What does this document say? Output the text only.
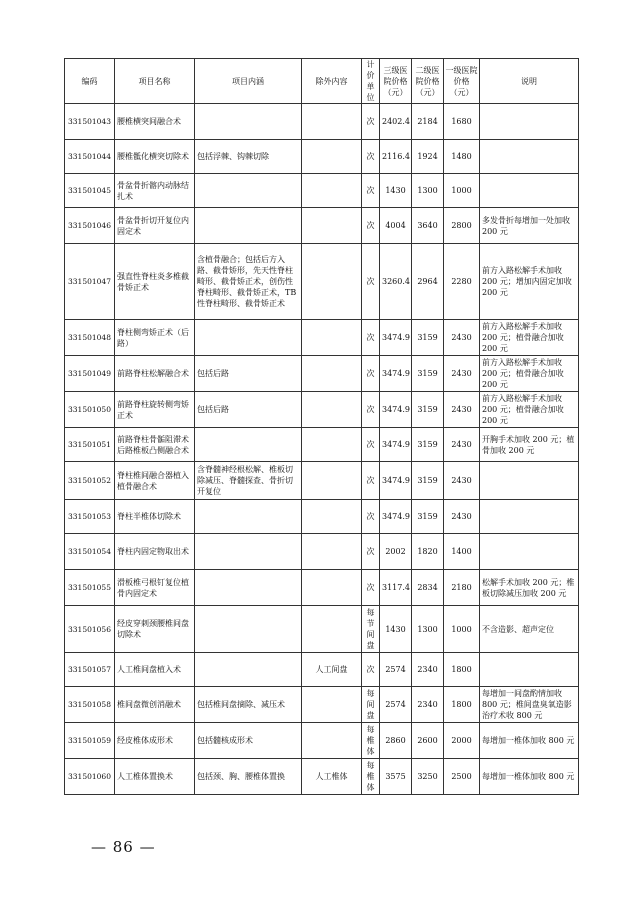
编码	项目名称	项目内涵	除外内容	计价单位	三级医院价格（元）	二级医院价格（元）	一级医院价格（元）	说明
331501043	腰椎横突间融合术			次	2402.4	2184	1680	
331501044	腰椎骶化横突切除术	包括浮棘、钩棘切除		次	2116.4	1924	1480	
331501045	骨盆骨折髂内动脉结扎术			次	1430	1300	1000	
331501046	骨盆骨折切开复位内固定术			次	4004	3640	2800	多发骨折每增加一处加收 200 元
331501047	强直性脊柱炎多椎截骨矫正术	含植骨融合；包括后方入路、截骨矫形，先天性脊柱畸形、截骨矫正术，创伤性脊柱畸形、截骨矫正术，TB 性脊柱畸形、截骨矫正术		次	3260.4	2964	2280	前方入路松解手术加收 200 元；增加内固定加收 200 元
331501048	脊柱侧弯矫正术（后路）			次	3474.9	3159	2430	前方入路松解手术加收 200 元；植骨融合加收 200 元
331501049	前路脊柱松解融合术	包括后路		次	3474.9	3159	2430	前方入路松解手术加收 200 元；植骨融合加收 200 元
331501050	前路脊柱旋转侧弯矫正术	包括后路		次	3474.9	3159	2430	前方入路松解手术加收 200 元；植骨融合加收 200 元
331501051	前路脊柱骨骺阻滞术后路椎板凸侧融合术			次	3474.9	3159	2430	开胸手术加收 200 元；植骨加收 200 元
331501052	脊柱椎间融合器植入植骨融合术	含脊髓神经根松解、椎板切除减压、脊髓探查、骨折切开复位		次	3474.9	3159	2430	
331501053	脊柱半椎体切除术			次	3474.9	3159	2430	
331501054	脊柱内固定物取出术			次	2002	1820	1400	
331501055	滑板椎弓根钉复位植骨内固定术			次	3117.4	2834	2180	松解手术加收 200 元；椎板切除减压加收 200 元
331501056	经皮穿刺颈腰椎间盘切除术			每节间盘	1430	1300	1000	不含造影、超声定位
331501057	人工椎间盘植入术		人工间盘	次	2574	2340	1800	
331501058	椎间盘微创消融术	包括椎间盘摘除、减压术		每间盘	2574	2340	1800	每增加一间盘酌情加收 800 元；椎间盘臭氧造影治疗术收 800 元
331501059	经皮椎体成形术	包括髓核成形术		每椎体	2860	2600	2000	每增加一椎体加收 800 元
331501060	人工椎体置换术	包括颈、胸、腰椎体置换	人工椎体	每椎体	3575	3250	2500	每增加一椎体加收 800 元
— 86 —
